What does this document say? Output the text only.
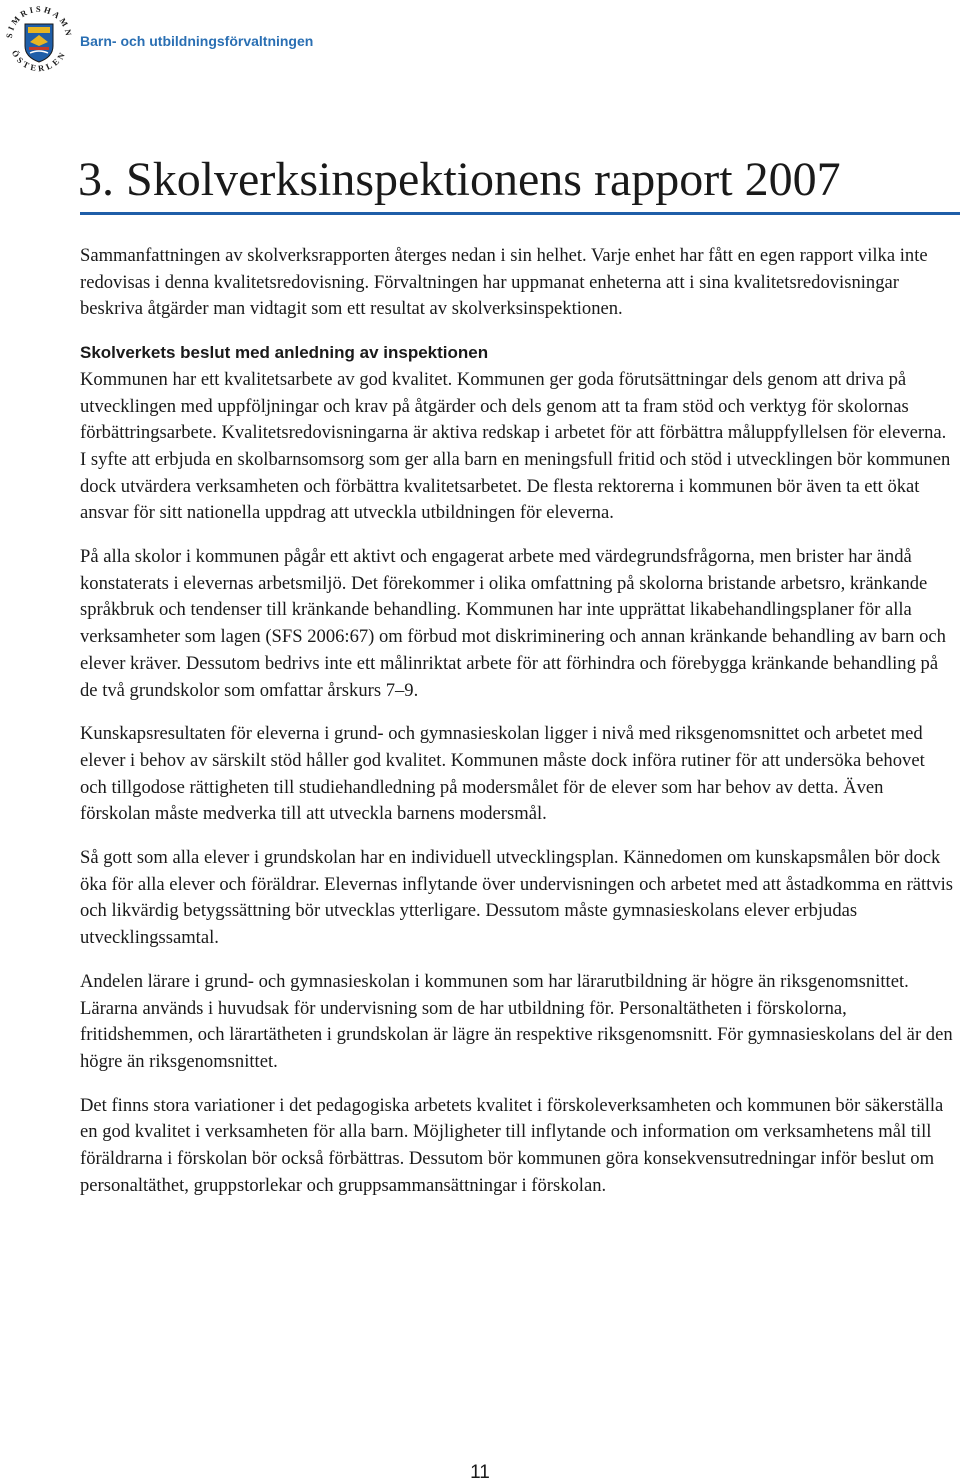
SIMRISHAMN
ÖSTERLEN
Barn- och utbildningsförvaltningen
3. Skolverksinspektionens rapport 2007

Sammanfattningen av skolverksrapporten återges nedan i sin helhet. Varje enhet har fått en egen rapport vilka inte redovisas i denna kvalitetsredovisning. Förvaltningen har uppmanat enheterna att i sina kvalitetsredovisningar beskriva åtgärder man vidtagit som ett resultat av skolverksinspektionen.

Skolverkets beslut med anledning av inspektionen

Kommunen har ett kvalitetsarbete av god kvalitet. Kommunen ger goda förutsättningar dels genom att driva på utvecklingen med uppföljningar och krav på åtgärder och dels genom att ta fram stöd och verktyg för skolornas förbättringsarbete. Kvalitetsredovisningarna är aktiva redskap i arbetet för att förbättra måluppfyllelsen för eleverna. I syfte att erbjuda en skolbarnsomsorg som ger alla barn en meningsfull fritid och stöd i utvecklingen bör kommunen dock utvärdera verksamheten och förbättra kvalitetsarbetet. De flesta rektorerna i kommunen bör även ta ett ökat ansvar för sitt nationella uppdrag att utveckla utbildningen för eleverna.

På alla skolor i kommunen pågår ett aktivt och engagerat arbete med värdegrundsfrågorna, men brister har ändå konstaterats i elevernas arbetsmiljö. Det förekommer i olika omfattning på skolorna bristande arbetsro, kränkande språkbruk och tendenser till kränkande behandling. Kommunen har inte upprättat likabehandlingsplaner för alla verksamheter som lagen (SFS 2006:67) om förbud mot diskriminering och annan kränkande behandling av barn och elever kräver. Dessutom bedrivs inte ett målinriktat arbete för att förhindra och förebygga kränkande behandling på de två grundskolor som omfattar årskurs 7–9.

Kunskapsresultaten för eleverna i grund- och gymnasieskolan ligger i nivå med riksgenomsnittet och arbetet med elever i behov av särskilt stöd håller god kvalitet. Kommunen måste dock införa rutiner för att undersöka behovet och tillgodose rättigheten till studiehandledning på modersmålet för de elever som har behov av detta. Även förskolan måste medverka till att utveckla barnens modersmål.

Så gott som alla elever i grundskolan har en individuell utvecklingsplan. Kännedomen om kunskapsmålen bör dock öka för alla elever och föräldrar. Elevernas inflytande över undervisningen och arbetet med att åstadkomma en rättvis och likvärdig betygssättning bör utvecklas ytterligare. Dessutom måste gymnasieskolans elever erbjudas utvecklingssamtal.

Andelen lärare i grund- och gymnasieskolan i kommunen som har lärarutbildning är högre än riksgenomsnittet. Lärarna används i huvudsak för undervisning som de har utbildning för. Personaltätheten i förskolorna, fritidshemmen, och lärartätheten i grundskolan är lägre än respektive riksgenomsnitt. För gymnasieskolans del är den högre än riksgenomsnittet.

Det finns stora variationer i det pedagogiska arbetets kvalitet i förskoleverksamheten och kommunen bör säkerställa en god kvalitet i verksamheten för alla barn. Möjligheter till inflytande och information om verksamhetens mål till föräldrarna i förskolan bör också förbättras. Dessutom bör kommunen göra konsekvensutredningar inför beslut om personaltäthet, gruppstorlekar och gruppsammansättningar i förskolan.

11
